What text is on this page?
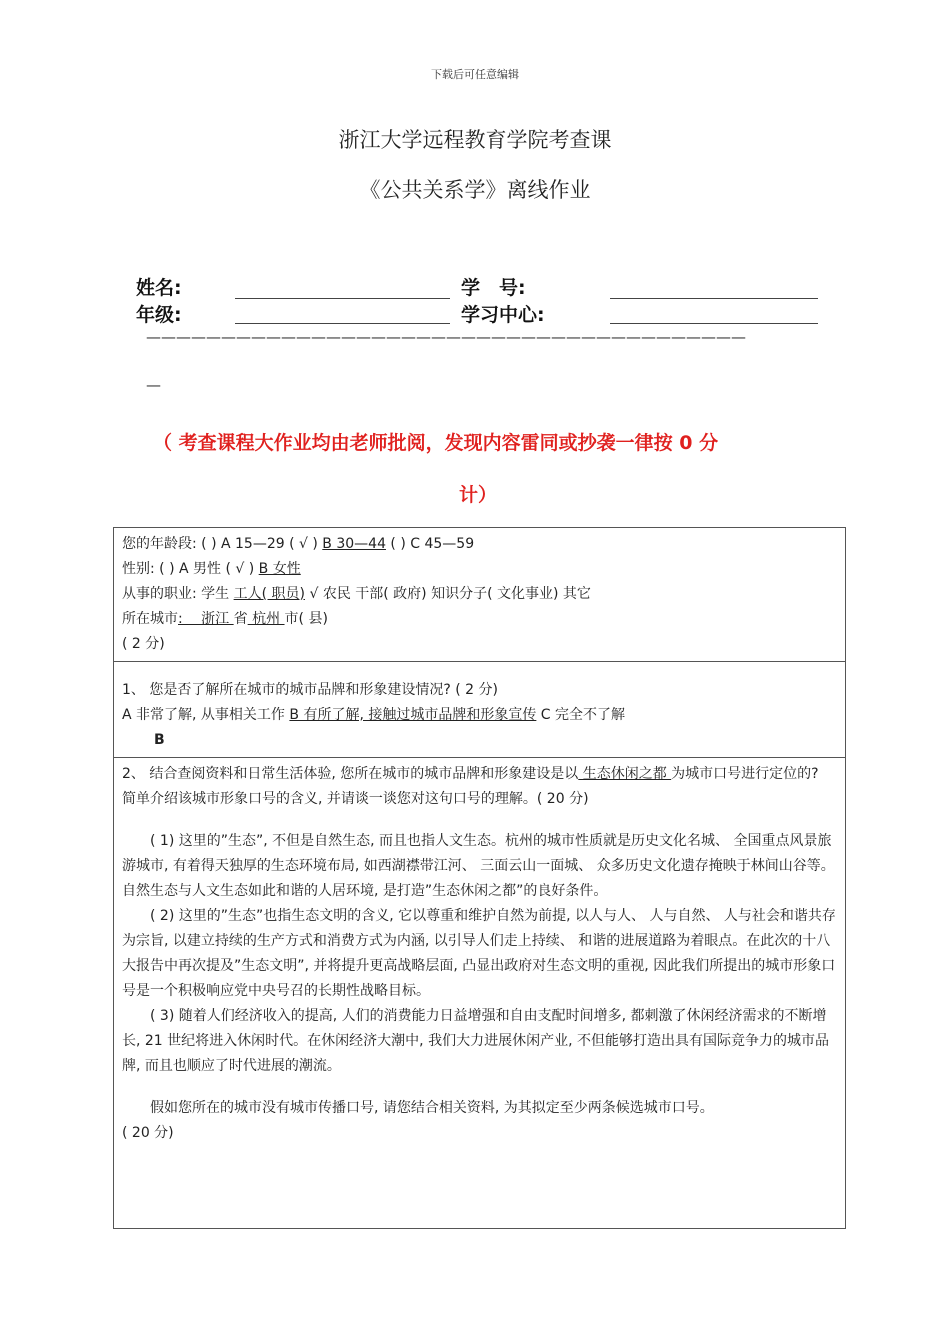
下载后可任意编辑
浙江大学远程教育学院考查课
《公共关系学》离线作业
姓名:	学　号:
年级:	学习中心:
————————————————————————————————————————
—
（ 考查课程大作业均由老师批阅，发现内容雷同或抄袭一律按 0 分
计）
您的年龄段: ( ) A 15—29 ( √ ) B 30—44 ( ) C 45—59
性别: ( ) A 男性 ( √ ) B 女性
从事的职业: 学生 工人( 职员) √ 农民 干部( 政府) 知识分子( 文化事业) 其它
所在城市:　 浙江 省 杭州 市( 县)
( 2 分)

1、 您是否了解所在城市的城市品牌和形象建设情况? ( 2 分)
A 非常了解, 从事相关工作 B 有所了解, 接触过城市品牌和形象宣传 C 完全不了解
B

2、 结合查阅资料和日常生活体验, 您所在城市的城市品牌和形象建设是以 生态休闲之都 为城市口号进行定位的? 简单介绍该城市形象口号的含义, 并请谈一谈您对这句口号的理解。( 20 分)

( 1) 这里的”生态”, 不但是自然生态, 而且也指人文生态。杭州的城市性质就是历史文化名城、 全国重点风景旅游城市, 有着得天独厚的生态环境布局, 如西湖襟带江河、 三面云山一面城、 众多历史文化遗存掩映于林间山谷等。自然生态与人文生态如此和谐的人居环境, 是打造”生态休闲之都”的良好条件。

( 2) 这里的”生态”也指生态文明的含义, 它以尊重和维护自然为前提, 以人与人、 人与自然、 人与社会和谐共存为宗旨, 以建立持续的生产方式和消费方式为内涵, 以引导人们走上持续、 和谐的进展道路为着眼点。在此次的十八大报告中再次提及”生态文明”, 并将提升更高战略层面, 凸显出政府对生态文明的重视, 因此我们所提出的城市形象口号是一个积极响应党中央号召的长期性战略目标。

( 3) 随着人们经济收入的提高, 人们的消费能力日益增强和自由支配时间增多, 都刺激了休闲经济需求的不断增长, 21 世纪将进入休闲时代。在休闲经济大潮中, 我们大力进展休闲产业, 不但能够打造出具有国际竞争力的城市品牌, 而且也顺应了时代进展的潮流。

假如您所在的城市没有城市传播口号, 请您结合相关资料, 为其拟定至少两条候选城市口号。

( 20 分)
